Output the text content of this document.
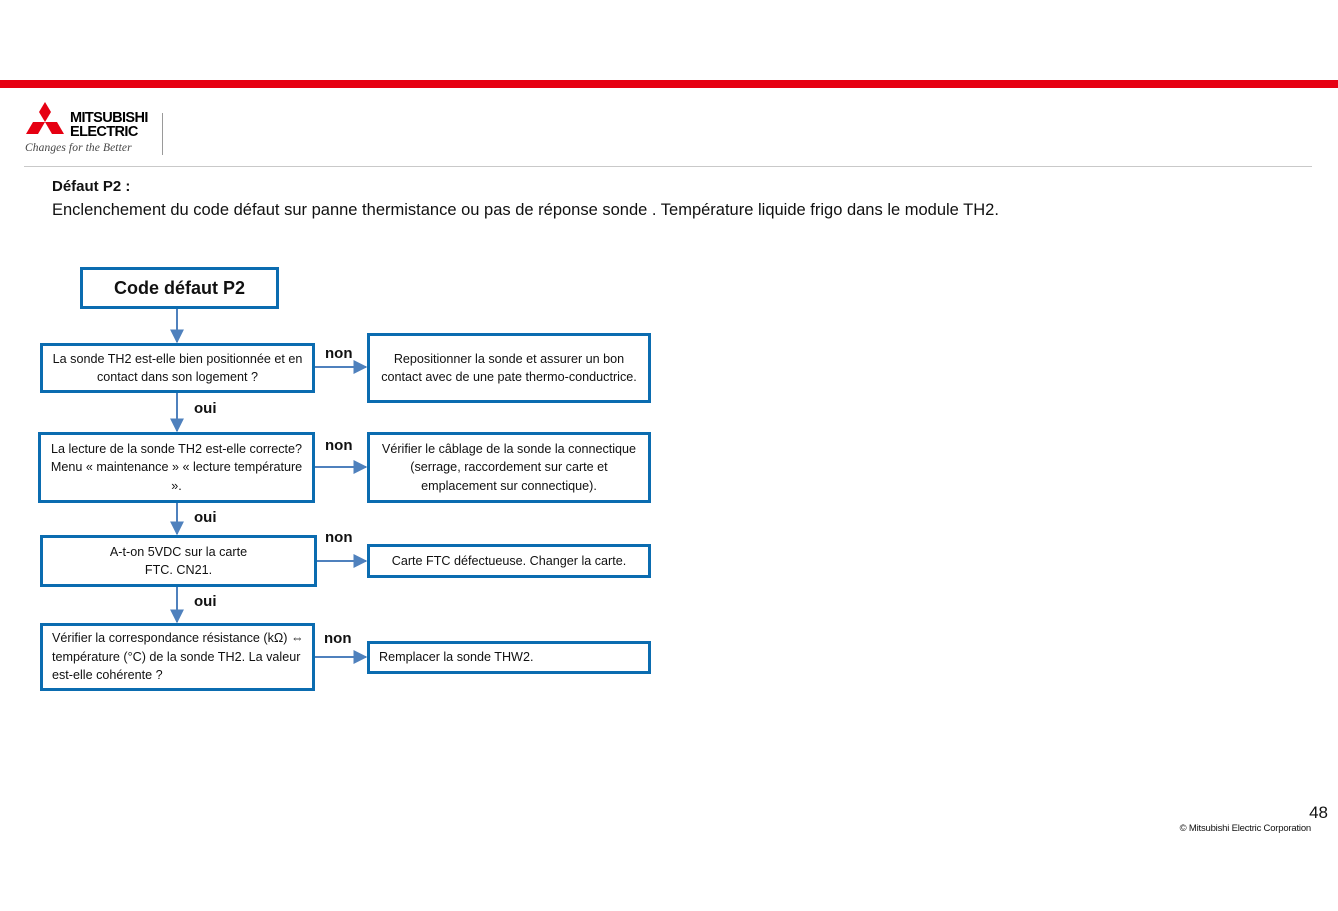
MITSUBISHI
ELECTRIC
Changes for the Better
Défaut P2 :
Enclenchement du code défaut sur panne thermistance ou pas de réponse sonde . Température liquide frigo dans le module TH2.
Code défaut P2
La sonde TH2 est-elle bien positionnée et en contact dans son logement ?
non	Repositionner la sonde et assurer un bon contact avec de une pate thermo-conductrice.
oui
La lecture de la sonde TH2 est-elle correcte? Menu « maintenance » « lecture température ».
non	Vérifier le câblage de la sonde la connectique (serrage, raccordement sur carte et emplacement sur connectique).
oui
A-t-on 5VDC sur la carte FTC. CN21.
non
Carte FTC défectueuse. Changer la carte.
oui
Vérifier la correspondance résistance (kΩ) ⇔ température (°C) de la sonde TH2. La valeur est-elle cohérente ?
non
Remplacer la sonde THW2.
48
© Mitsubishi Electric Corporation
